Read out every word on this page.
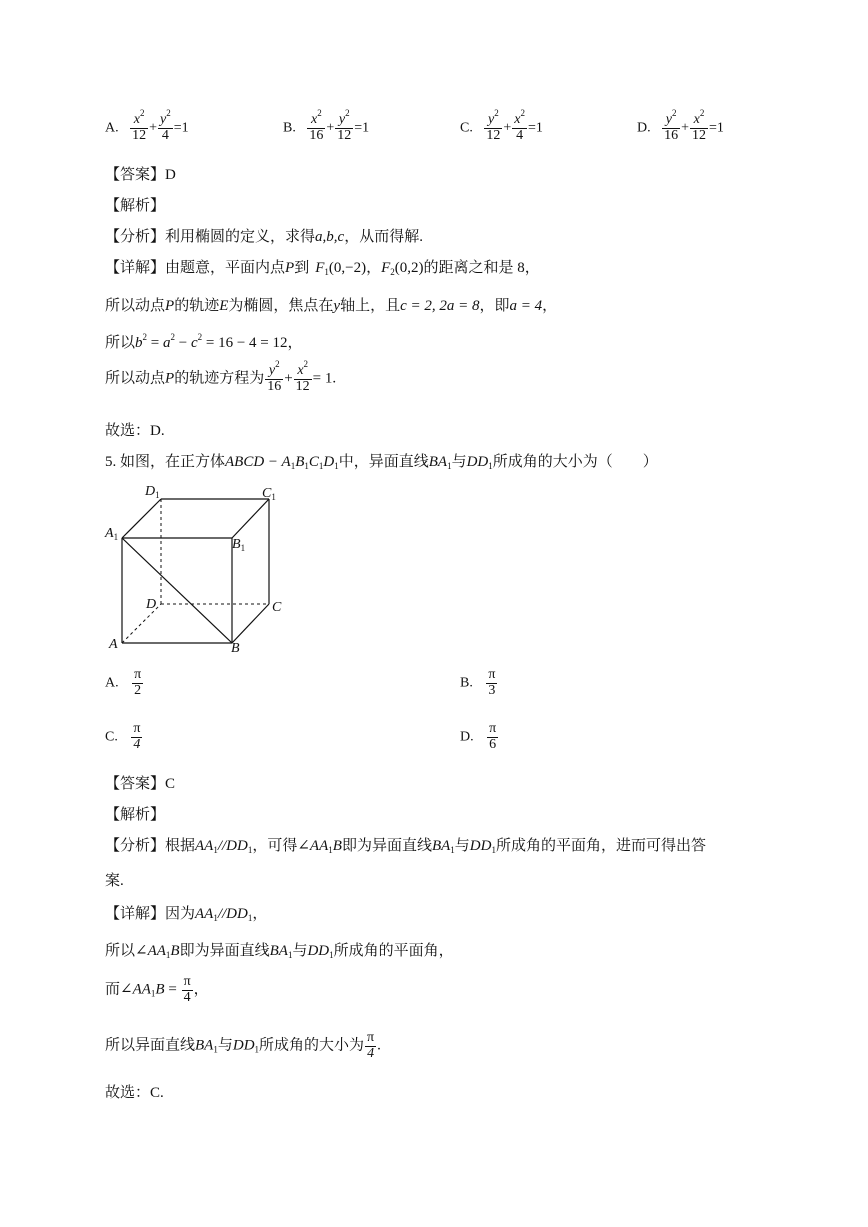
A. $\frac{x^2}{12} + \frac{y^2}{4} =1$	B. $\frac{x^2}{16} + \frac{y^2}{12} =1$	C. $\frac{y^2}{12} + \frac{x^2}{4} =1$	D. $\frac{y^2}{16} + \frac{x^2}{12} =1$
【答案】D
【解析】
【分析】利用椭圆的定义，求得a,b,c，从而得解.
【详解】由题意，平面内点P到 $F_1(0,-2)$，$F_2(0,2)$的距离之和是 8，
所以动点P的轨迹E为椭圆，焦点在y轴上，且c = 2, 2a = 8，即a = 4，
所以$b^2 = a^2 - c^2 = 16 - 4 = 12$，
所以动点P的轨迹方程为 $\frac{y^2}{16} + \frac{x^2}{12} = 1$.
故选：D.
5. 如图，在正方体ABCD − $A_1B_1C_1D_1$中，异面直线$BA_1$与$DD_1$所成角的大小为（　　）
$D_1$	$C_1$
$A_1$	$B_1$
D	C
A	B
A. $\frac{\pi}{2}$	B. $\frac{\pi}{3}$
C. $\frac{\pi}{4}$	D. $\frac{\pi}{6}$
【答案】C
【解析】
【分析】根据$AA_1//DD_1$，可得$\angle AA_1B$即为异面直线$BA_1$与$DD_1$所成角的平面角，进而可得出答
案.
【详解】因为$AA_1//DD_1$，
所以$\angle AA_1B$即为异面直线$BA_1$与$DD_1$所成角的平面角，
而$\angle AA_1B = \frac{\pi}{4}$ ，
所以异面直线$BA_1$与$DD_1$所成角的大小为 $\frac{\pi}{4}$ .
故选：C.
